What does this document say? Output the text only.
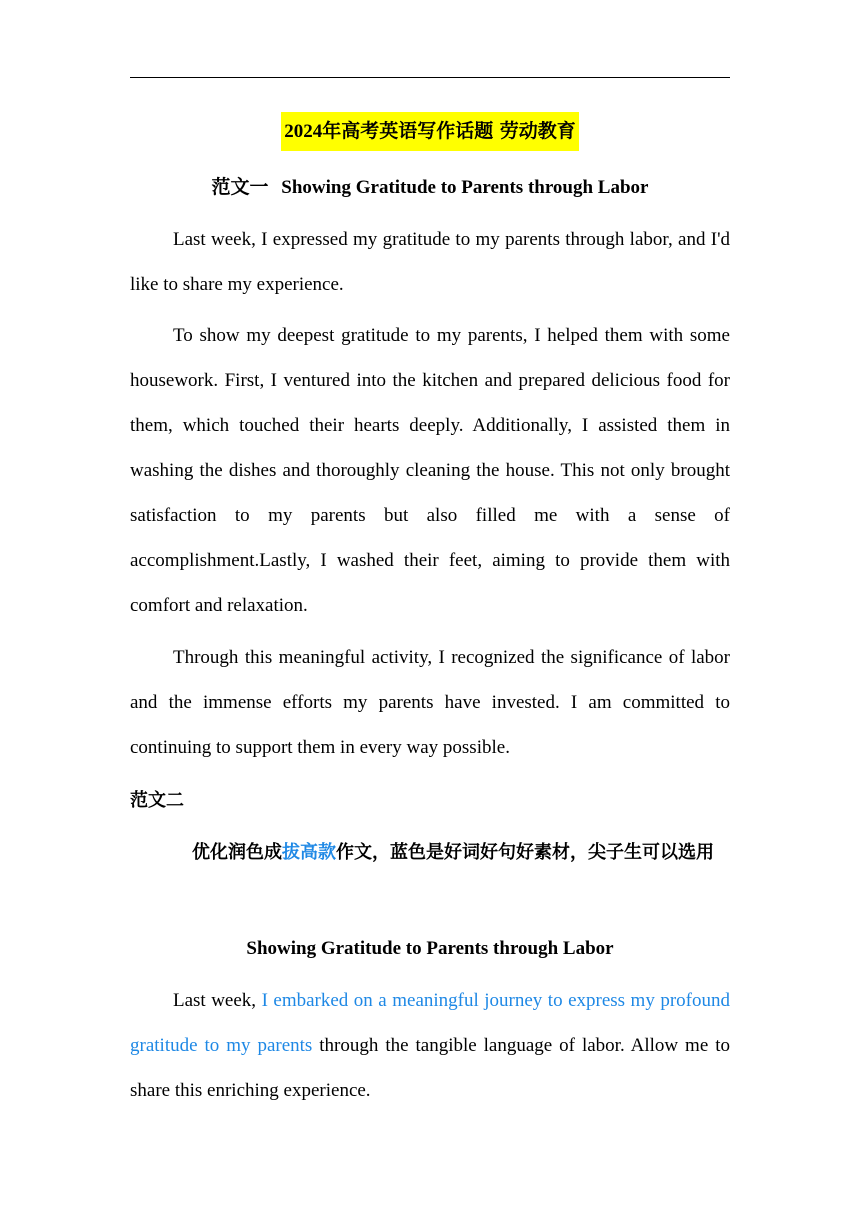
2024年高考英语写作话题 劳动教育
范文一 Showing Gratitude to Parents through Labor

Last week, I expressed my gratitude to my parents through labor, and I'd like to share my experience.

To show my deepest gratitude to my parents, I helped them with some housework. First, I ventured into the kitchen and prepared delicious food for them, which touched their hearts deeply. Additionally, I assisted them in washing the dishes and thoroughly cleaning the house. This not only brought satisfaction to my parents but also filled me with a sense of accomplishment.Lastly, I washed their feet, aiming to provide them with comfort and relaxation.

Through this meaningful activity, I recognized the significance of labor and the immense efforts my parents have invested. I am committed to continuing to support them in every way possible.

范文二

优化润色成拔高款作文，蓝色是好词好句好素材，尖子生可以选用

Showing Gratitude to Parents through Labor

Last week, I embarked on a meaningful journey to express my profound gratitude to my parents through the tangible language of labor. Allow me to share this enriching experience.
